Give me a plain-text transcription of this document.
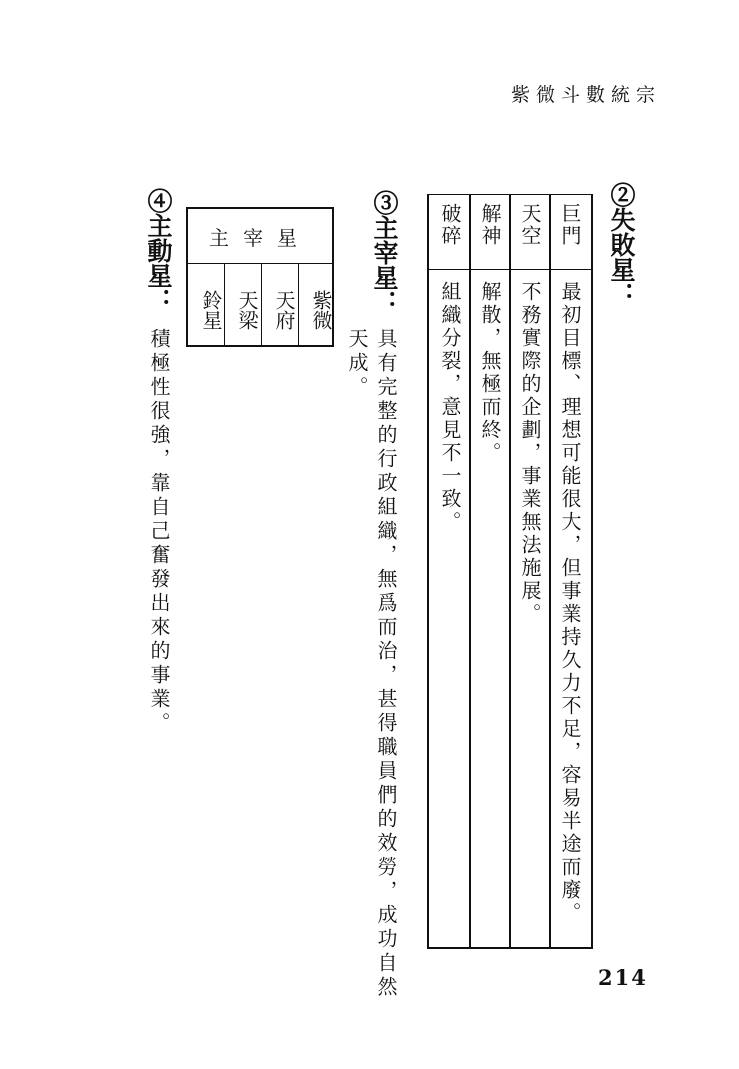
紫微斗數統宗
②失敗星：
巨門
最初目標、理想可能很大，但事業持久力不足，容易半途而廢。
天空
不務實際的企劃，事業無法施展。
解神
解散，無極而終。
破碎
組織分裂，意見不一致。
③主宰星：
具有完整的行政組織，無爲而治，甚得職員們的效勞，成功自然
天成。
主宰星
紫微
天府
天梁
鈴星
④主動星：
積極性很強，靠自己奮發出來的事業。
214
